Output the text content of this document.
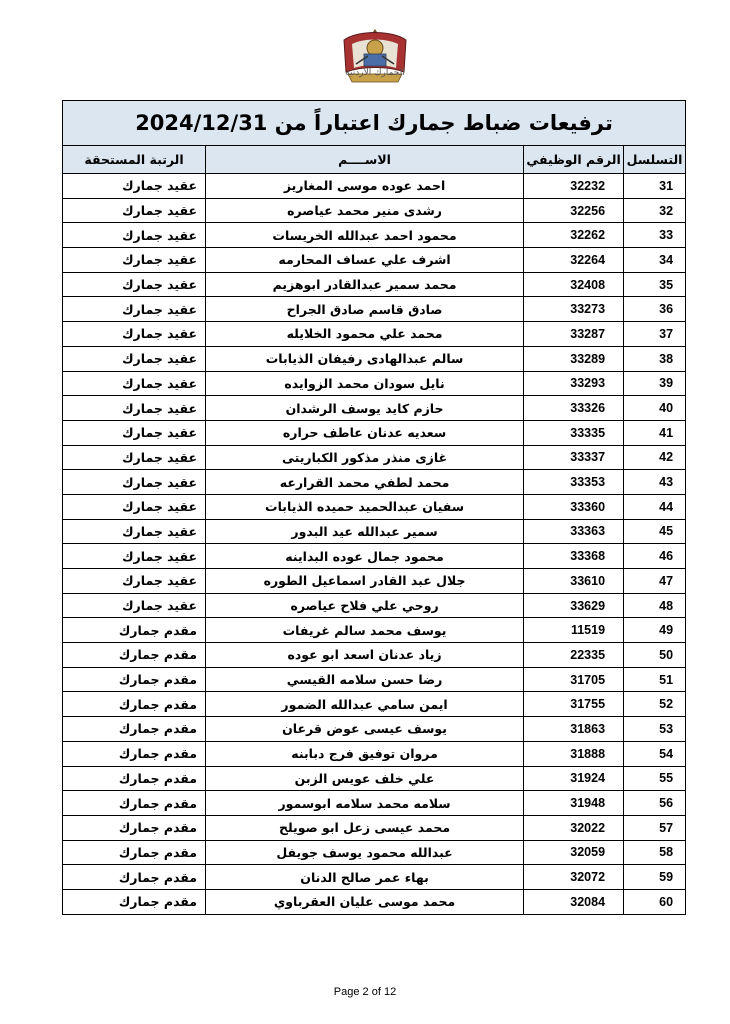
الجمارك الاردنية
ترفيعات ضباط جمارك اعتباراً من 2024/12/31			
التسلسل	الرقم الوظيفي	الاســــم	الرتبة المستحقة
31	32232	احمد عوده موسى المغاريز	عقيد جمارك
32	32256	رشدى منير محمد عياصره	عقيد جمارك
33	32262	محمود احمد عبدالله الخريسات	عقيد جمارك
34	32264	اشرف علي عساف المحارمه	عقيد جمارك
35	32408	محمد سمير عبدالقادر ابوهزيم	عقيد جمارك
36	33273	صادق قاسم صادق الجراح	عقيد جمارك
37	33287	محمد علي محمود الخلايله	عقيد جمارك
38	33289	سالم عبدالهادى رفيفان الذيابات	عقيد جمارك
39	33293	نايل سودان محمد الزوايده	عقيد جمارك
40	33326	حازم كايد يوسف الرشدان	عقيد جمارك
41	33335	سعديه عدنان عاطف حراره	عقيد جمارك
42	33337	غازى منذر مذكور الكباريتى	عقيد جمارك
43	33353	محمد لطفي محمد القرارعه	عقيد جمارك
44	33360	سفيان عبدالحميد حميده الذيابات	عقيد جمارك
45	33363	سمير عبدالله عيد البدور	عقيد جمارك
46	33368	محمود جمال عوده البداينه	عقيد جمارك
47	33610	جلال عبد القادر اسماعيل الطوره	عقيد جمارك
48	33629	روحي علي فلاح عياصره	عقيد جمارك
49	11519	يوسف محمد سالم غريفات	مقدم جمارك
50	22335	زياد عدنان اسعد ابو عوده	مقدم جمارك
51	31705	رضا حسن سلامه القيسي	مقدم جمارك
52	31755	ايمن سامي عبدالله الضمور	مقدم جمارك
53	31863	يوسف عيسى عوض قرعان	مقدم جمارك
54	31888	مروان توفيق فرج دبابنه	مقدم جمارك
55	31924	علي خلف عويس الزبن	مقدم جمارك
56	31948	سلامه محمد سلامه ابوسمور	مقدم جمارك
57	32022	محمد عيسى زعل ابو صويلح	مقدم جمارك
58	32059	عبدالله محمود يوسف جويفل	مقدم جمارك
59	32072	بهاء عمر صالح الدنان	مقدم جمارك
60	32084	محمد موسى عليان العقرباوي	مقدم جمارك
Page 2 of 12
